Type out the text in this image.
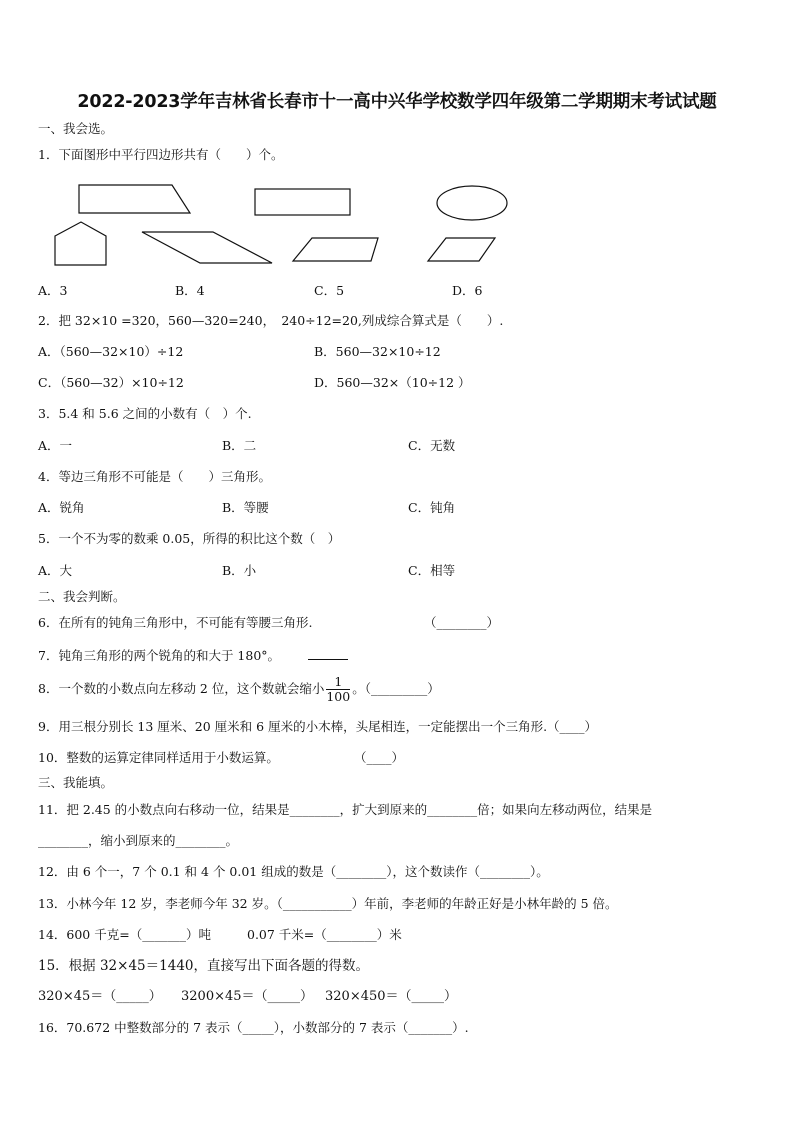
2022-2023学年吉林省长春市十一高中兴华学校数学四年级第二学期期末考试试题
一、我会选。
1．下面图形中平行四边形共有（　　）个。
A．3	B．4	C．5	D．6
2．把 32×10 =320，560—320=240，　240÷12=20,列成综合算式是（　　）.
A．（560—32×10）÷12	B．560—32×10÷12
C．（560—32）×10÷12	D．560—32×（10÷12 ）
3．5.4 和 5.6 之间的小数有（　）个.
A．一	B．二	C．无数
4．等边三角形不可能是（　　）三角形。
A．锐角	B．等腰	C．钝角
5．一个不为零的数乘 0.05，所得的积比这个数（　）
A．大	B．小	C．相等
二、我会判断。
6．在所有的钝角三角形中，不可能有等腰三角形.	（________）
7．钝角三角形的两个锐角的和大于 180°。
8．一个数的小数点向左移动 2 位，这个数就会缩小 $\frac{1}{100}$ 。（_________）
9．用三根分别长 13 厘米、20 厘米和 6 厘米的小木棒，头尾相连，一定能摆出一个三角形.（____）
10．整数的运算定律同样适用于小数运算。	（____）
三、我能填。
11．把 2.45 的小数点向右移动一位，结果是________，扩大到原来的________倍；如果向左移动两位，结果是
________，缩小到原来的________。
12．由 6 个一，7 个 0.1 和 4 个 0.01 组成的数是（________），这个数读作（________）。
13．小林今年 12 岁，李老师今年 32 岁。（___________）年前，李老师的年龄正好是小林年龄的 5 倍。
14．600 千克=（_______）吨	0.07 千米=（________）米
15．根据 32×45＝1440，直接写出下面各题的得数。
320×45＝（_____） 3200×45＝（_____） 320×450＝（_____）
16．70.672 中整数部分的 7 表示（_____），小数部分的 7 表示（_______）.
